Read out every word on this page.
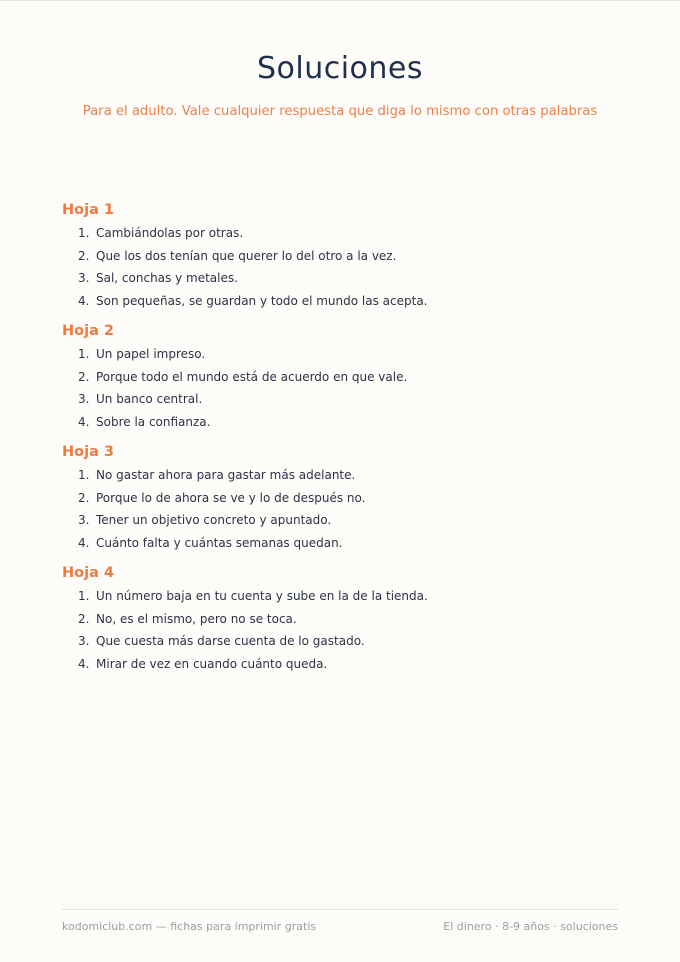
Soluciones

Para el adulto. Vale cualquier respuesta que diga lo mismo con otras palabras

Hoja 1
1. Cambiándolas por otras.
2. Que los dos tenían que querer lo del otro a la vez.
3. Sal, conchas y metales.
4. Son pequeñas, se guardan y todo el mundo las acepta.
Hoja 2
1. Un papel impreso.
2. Porque todo el mundo está de acuerdo en que vale.
3. Un banco central.
4. Sobre la confianza.
Hoja 3
1. No gastar ahora para gastar más adelante.
2. Porque lo de ahora se ve y lo de después no.
3. Tener un objetivo concreto y apuntado.
4. Cuánto falta y cuántas semanas quedan.
Hoja 4
1. Un número baja en tu cuenta y sube en la de la tienda.
2. No, es el mismo, pero no se toca.
3. Que cuesta más darse cuenta de lo gastado.
4. Mirar de vez en cuando cuánto queda.
kodomiclub.com — fichas para imprimir gratis	El dinero · 8-9 años · soluciones
